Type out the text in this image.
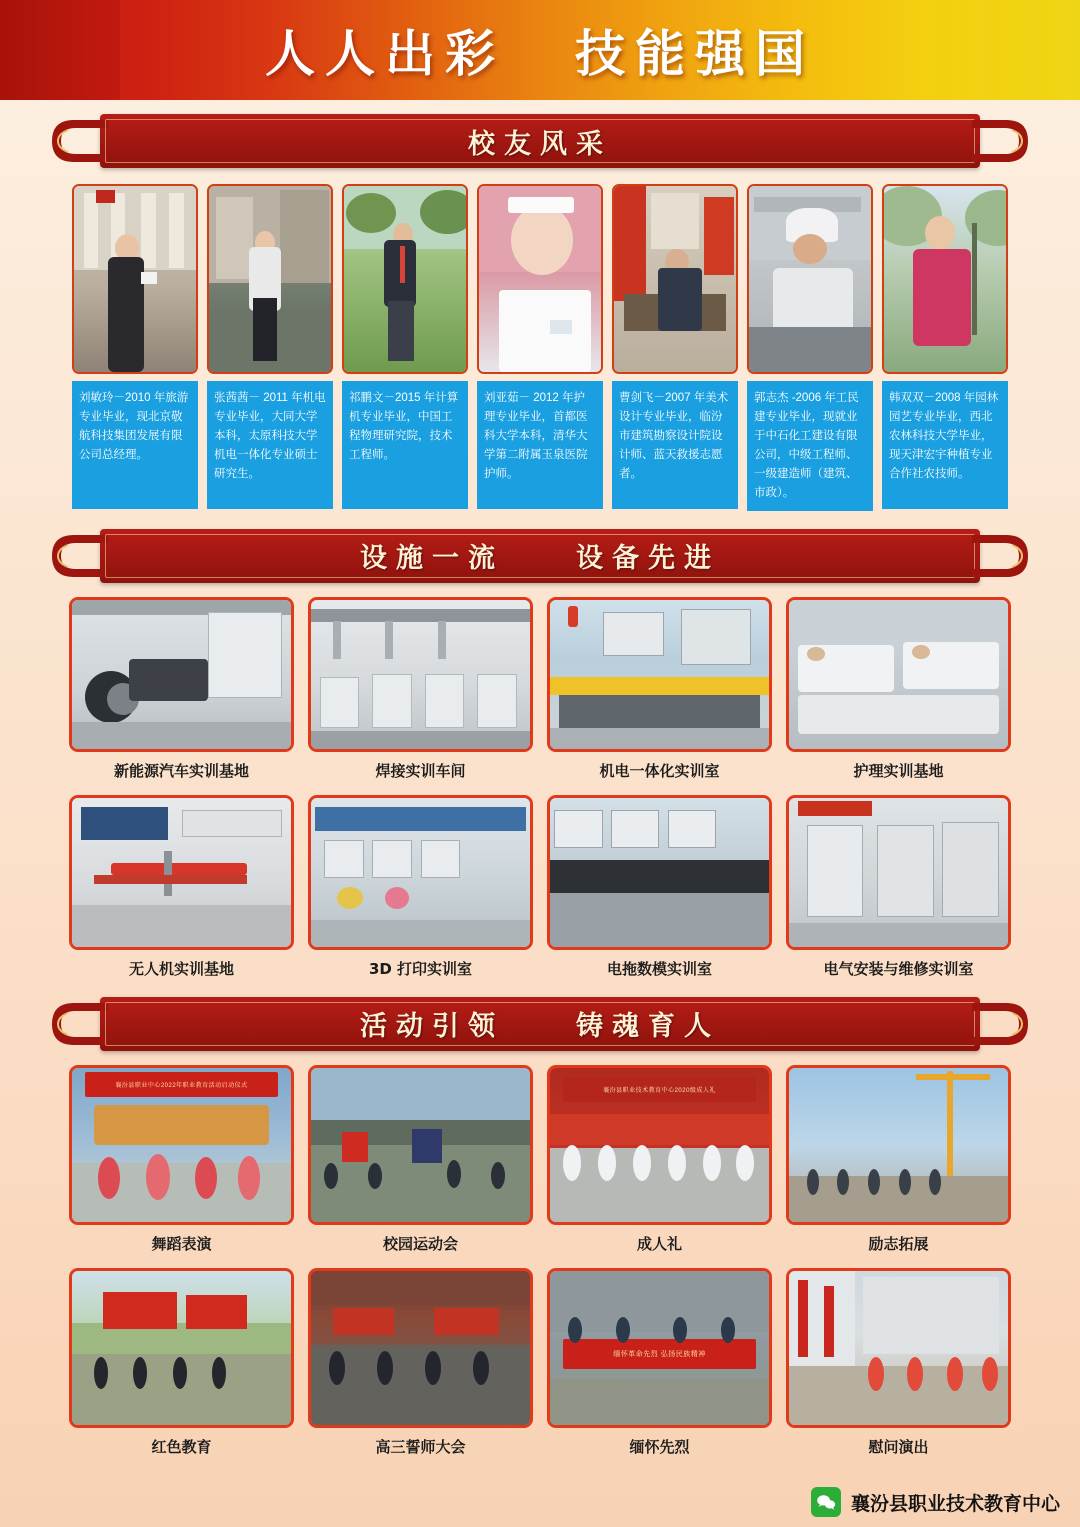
人人出彩 技能强国
校友风采
刘敏玲－2010 年旅游专业毕业，现北京敬航科技集团发展有限公司总经理。
张茜茜－ 2011 年机电专业毕业，大同大学本科，太原科技大学机电一体化专业硕士研究生。
祁鹏文－2015 年计算机专业毕业，中国工程物理研究院，技术工程师。
刘亚茹－ 2012 年护理专业毕业，首都医科大学本科，清华大学第二附属玉泉医院护师。
曹剑飞－2007 年美术设计专业毕业，临汾市建筑勘察设计院设计师、蓝天救援志愿者。
郭志杰 -2006 年工民建专业毕业，现就业于中石化工建设有限公司，中级工程师、一级建造师（建筑、市政）。
韩双双－2008 年园林园艺专业毕业，西北农林科技大学毕业，现天津宏宇种植专业合作社农技师。
设施一流　　设备先进
新能源汽车实训基地	焊接实训车间	机电一体化实训室	护理实训基地
无人机实训基地	3D 打印实训室	电拖数模实训室	电气安装与维修实训室
活动引领　　铸魂育人
襄汾县职业中心2022年职业教育活动启动仪式
舞蹈表演	校园运动会
襄汾县职业技术教育中心2020级成人礼
成人礼	励志拓展
红色教育	高三誓师大会
缅怀革命先烈 弘扬民族精神
缅怀先烈	慰问演出
襄汾县职业技术教育中心
